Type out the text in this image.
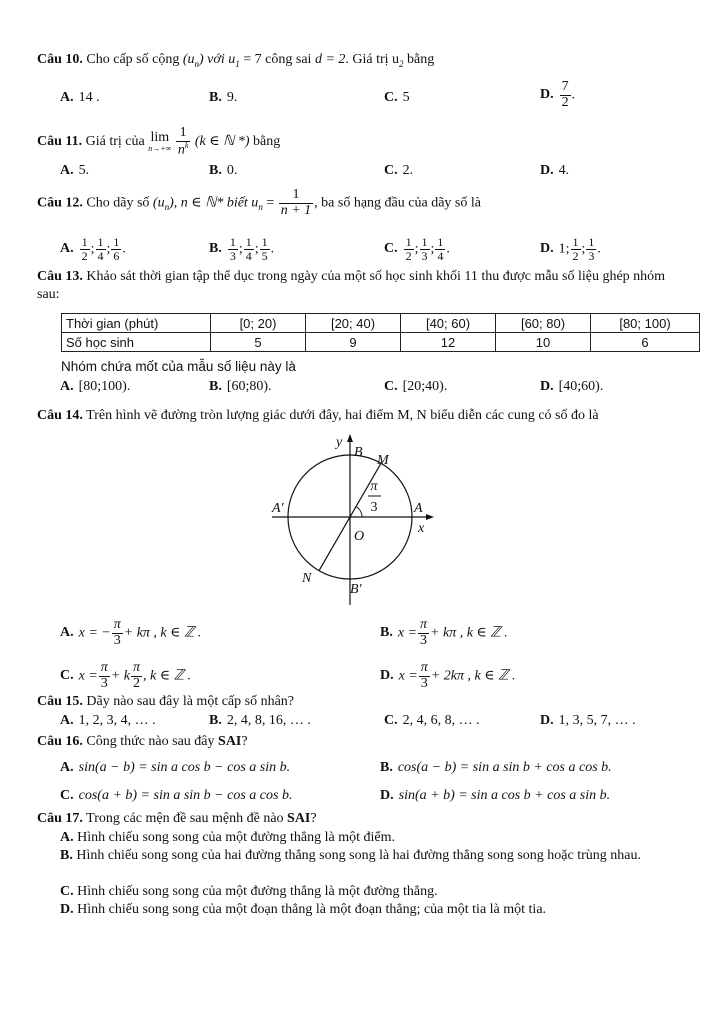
Câu 10. Cho cấp số cộng $(u_n)$ với $u_1 = 7$ công sai d = 2. Giá trị $u_2$ bằng
A. 14 .	B. 9.	C. 5	D. $\frac{7}{2}$ .
Câu 11. Giá trị của lim
n→+∞
$\frac{1}{n^k} (k$ ∈ ℕ *) bằng
A. 5.	B. 0.	C. 2.	D. 4.
Câu 12. Cho dãy số $(u_n)$, n ∈ ℕ* biết $u_n = \frac{1}{n + 1}$ , ba số hạng đầu của dãy số là
A. $\frac{1}{2}$ ; $\frac{1}{4}$ ; $\frac{1}{6}$ .	B. $\frac{1}{3}$ ; $\frac{1}{4}$ ; $\frac{1}{5}$ .	C. $\frac{1}{2}$ ; $\frac{1}{3}$ ; $\frac{1}{4}$ .	D. 1; $\frac{1}{2}$ ; $\frac{1}{3}$ .
Câu 13. Khảo sát thời gian tập thể dục trong ngày của một số học sinh khối 11 thu được mẫu số liệu ghép nhóm sau:
Thời gian (phút)	[0; 20)	[20; 40)	[40; 60)	[60; 80)	[80; 100)
Số học sinh	5	9	12	10	6
Nhóm chứa mốt của mẫu số liệu này là
A. [80;100).	B. [60;80).	C. [20;40).	D. [40;60).
Câu 14. Trên hình vẽ đường tròn lượng giác dưới đây, hai điểm M, N biểu diễn các cung có số đo là
π
3
y
B
M
A′	A
x
O
N
B′
A. x = − $\frac{\pi}{3} + k\pi$ , k ∈ ℤ .	B. $x = \frac{\pi}{3} + k\pi$ , k ∈ ℤ .
C. $x = \frac{\pi}{3} + k \frac{\pi}{2}$ , k ∈ ℤ .	D. $x = \frac{\pi}{3} + 2k\pi$ , k ∈ ℤ .
Câu 15. Dãy nào sau đây là một cấp số nhân?
A. 1, 2, 3, 4, … .	B. 2, 4, 8, 16, … .	C. 2, 4, 6, 8, … .	D. 1, 3, 5, 7, … .
Câu 16. Công thức nào sau đây SAI?
A. sin(a − b) = sin a cos b − cos a sin b.	B. cos(a − b) = sin a sin b + cos a cos b.
C. cos(a + b) = sin a sin b − cos a cos b.	D. sin(a + b) = sin a cos b + cos a sin b.
Câu 17. Trong các mện đề sau mệnh đề nào SAI?
A. Hình chiếu song song của một đường thẳng là một điểm.
B. Hình chiếu song song của hai đường thẳng song song là hai đường thẳng song song hoặc trùng nhau.
C. Hình chiếu song song của một đường thẳng là một đường thẳng.
D. Hình chiếu song song của một đoạn thẳng là một đoạn thẳng; của một tia là một tia.
